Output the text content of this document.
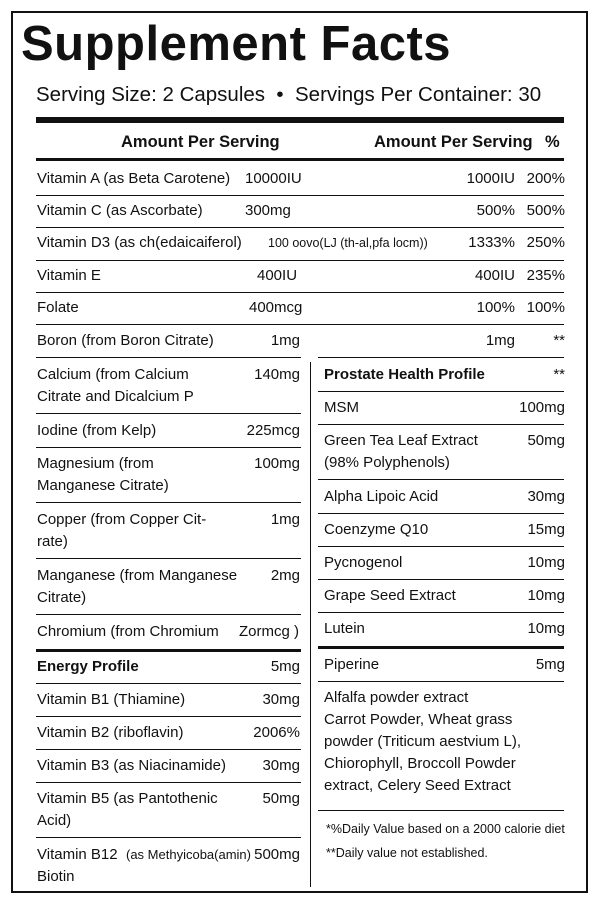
Supplement Facts
Serving Size: 2 Capsules  •  Servings Per Container: 30
Amount Per Serving	Amount Per Serving %
Vitamin A (as Beta Carotene) 10000IU	1000IU 200%
Vitamin C (as Ascorbate)	300mg	500% 500%
Vitamin D3 (as ch(edaicaiferol) 100 oovo(LJ (th-al,pfa locm))	1333% 250%
Vitamin E	400IU	400IU 235%
Folate	400mcg	100% 100%
Boron (from Boron Citrate)	1mg	1mg	**
Calcium (from Calcium
Citrate and Dicalcium P
140mg
Iodine (from Kelp)	225mcg
Magnesium (from
Manganese Citrate)
100mg
Copper (from Copper Cit-
rate)
1mg
Manganese (from Manganese
Citrate)
2mg
Chromium (from Chromium Zormcg )
Energy Profile	5mg
Vitamin B1 (Thiamine)	30mg
Vitamin B2 (riboflavin)	2006%
Vitamin B3 (as Niacinamide)	30mg
Vitamin B5 (as Pantothenic
Acid)
50mg
Vitamin B12 (as Methyicoba(amin) 500mg
Biotin
Prostate Health Profile	**
MSM	100mg
Green Tea Leaf Extract
(98% Polyphenols)
50mg
Alpha Lipoic Acid	30mg
Coenzyme Q10	15mg
Pycnogenol	10mg
Grape Seed Extract	10mg
Lutein	10mg
Piperine	5mg
Alfalfa powder extract
Carrot Powder, Wheat grass
powder (Triticum aestvium L),
Chiorophyll, Broccoll Powder
extract, Celery Seed Extract
*%Daily Value based on a 2000 calorie diet
**Daily value not established.
